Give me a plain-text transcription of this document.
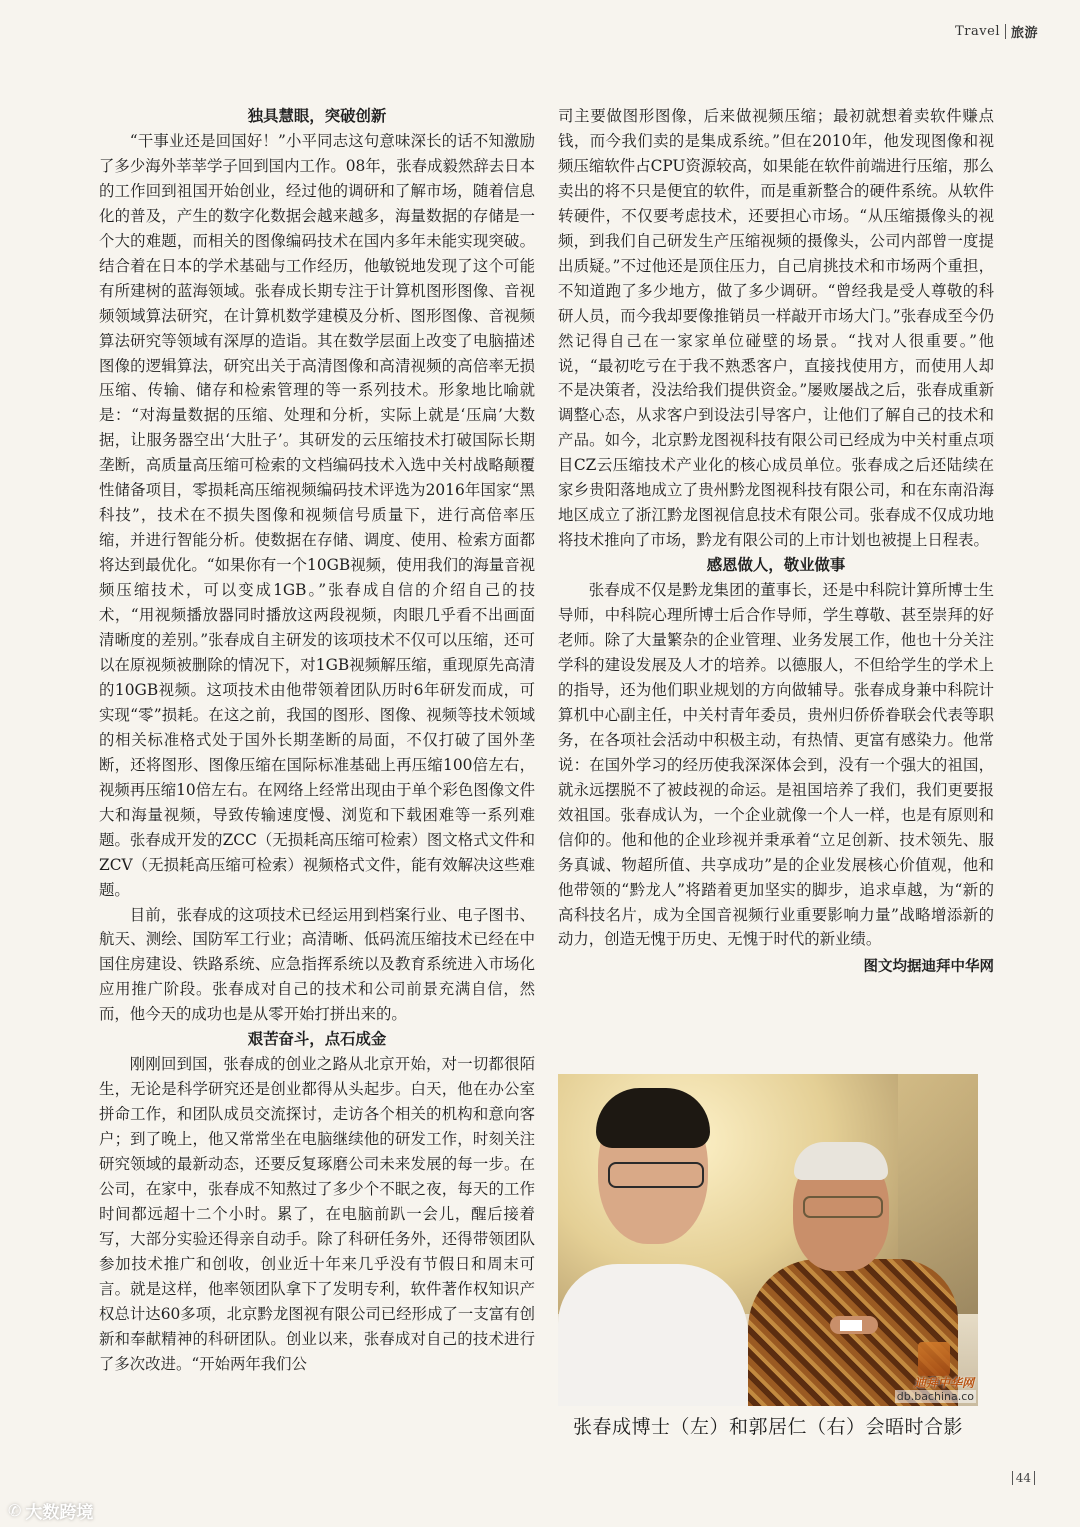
Travel 旅游
独具慧眼，突破创新

“干事业还是回国好！”小平同志这句意味深长的话不知激励了多少海外莘莘学子回到国内工作。08年，张春成毅然辞去日本的工作回到祖国开始创业，经过他的调研和了解市场，随着信息化的普及，产生的数字化数据会越来越多，海量数据的存储是一个大的难题，而相关的图像编码技术在国内多年未能实现突破。结合着在日本的学术基础与工作经历，他敏锐地发现了这个可能有所建树的蓝海领域。张春成长期专注于计算机图形图像、音视频领域算法研究，在计算机数学建模及分析、图形图像、音视频算法研究等领域有深厚的造诣。其在数学层面上改变了电脑描述图像的逻辑算法，研究出关于高清图像和高清视频的高倍率无损压缩、传输、储存和检索管理的等一系列技术。形象地比喻就是：“对海量数据的压缩、处理和分析，实际上就是‘压扁’大数据，让服务器空出‘大肚子’。其研发的云压缩技术打破国际长期垄断，高质量高压缩可检索的文档编码技术入选中关村战略颠覆性储备项目，零损耗高压缩视频编码技术评选为2016年国家“黑科技”，技术在不损失图像和视频信号质量下，进行高倍率压缩，并进行智能分析。使数据在存储、调度、使用、检索方面都将达到最优化。“如果你有一个10GB视频，使用我们的海量音视频压缩技术，可以变成1GB。”张春成自信的介绍自己的技术，“用视频播放器同时播放这两段视频，肉眼几乎看不出画面清晰度的差别。”张春成自主研发的该项技术不仅可以压缩，还可以在原视频被删除的情况下，对1GB视频解压缩，重现原先高清的10GB视频。这项技术由他带领着团队历时6年研发而成，可实现“零”损耗。在这之前，我国的图形、图像、视频等技术领域的相关标准格式处于国外长期垄断的局面，不仅打破了国外垄断，还将图形、图像压缩在国际标准基础上再压缩100倍左右，视频再压缩10倍左右。在网络上经常出现由于单个彩色图像文件大和海量视频，导致传输速度慢、浏览和下载困难等一系列难题。张春成开发的ZCC（无损耗高压缩可检索）图文格式文件和ZCV（无损耗高压缩可检索）视频格式文件，能有效解决这些难题。

目前，张春成的这项技术已经运用到档案行业、电子图书、航天、测绘、国防军工行业；高清晰、低码流压缩技术已经在中国住房建设、铁路系统、应急指挥系统以及教育系统进入市场化应用推广阶段。张春成对自己的技术和公司前景充满自信，然而，他今天的成功也是从零开始打拼出来的。

艰苦奋斗，点石成金

刚刚回到国，张春成的创业之路从北京开始，对一切都很陌生，无论是科学研究还是创业都得从头起步。白天，他在办公室拼命工作，和团队成员交流探讨，走访各个相关的机构和意向客户；到了晚上，他又常常坐在电脑继续他的研发工作，时刻关注研究领域的最新动态，还要反复琢磨公司未来发展的每一步。在公司，在家中，张春成不知熬过了多少个不眠之夜，每天的工作时间都远超十二个小时。累了，在电脑前趴一会儿，醒后接着写，大部分实验还得亲自动手。除了科研任务外，还得带领团队参加技术推广和创收，创业近十年来几乎没有节假日和周末可言。就是这样，他率领团队拿下了发明专利，软件著作权知识产权总计达60多项，北京黔龙图视有限公司已经形成了一支富有创新和奉献精神的科研团队。创业以来，张春成对自己的技术进行了多次改进。“开始两年我们公

司主要做图形图像，后来做视频压缩；最初就想着卖软件赚点钱，而今我们卖的是集成系统。”但在2010年，他发现图像和视频压缩软件占CPU资源较高，如果能在软件前端进行压缩，那么卖出的将不只是便宜的软件，而是重新整合的硬件系统。从软件转硬件，不仅要考虑技术，还要担心市场。“从压缩摄像头的视频，到我们自己研发生产压缩视频的摄像头，公司内部曾一度提出质疑。”不过他还是顶住压力，自己肩挑技术和市场两个重担，不知道跑了多少地方，做了多少调研。“曾经我是受人尊敬的科研人员，而今我却要像推销员一样敲开市场大门。”张春成至今仍然记得自己在一家家单位碰壁的场景。“找对人很重要。”他说，“最初吃亏在于我不熟悉客户，直接找使用方，而使用人却不是决策者，没法给我们提供资金。”屡败屡战之后，张春成重新调整心态，从求客户到设法引导客户，让他们了解自己的技术和产品。如今，北京黔龙图视科技有限公司已经成为中关村重点项目CZ云压缩技术产业化的核心成员单位。张春成之后还陆续在家乡贵阳落地成立了贵州黔龙图视科技有限公司，和在东南沿海地区成立了浙江黔龙图视信息技术有限公司。张春成不仅成功地将技术推向了市场，黔龙有限公司的上市计划也被提上日程表。

感恩做人，敬业做事

张春成不仅是黔龙集团的董事长，还是中科院计算所博士生导师，中科院心理所博士后合作导师，学生尊敬、甚至崇拜的好老师。除了大量繁杂的企业管理、业务发展工作，他也十分关注学科的建设发展及人才的培养。以德服人，不但给学生的学术上的指导，还为他们职业规划的方向做辅导。张春成身兼中科院计算机中心副主任，中关村青年委员，贵州归侨侨眷联会代表等职务，在各项社会活动中积极主动，有热情、更富有感染力。他常说：在国外学习的经历使我深深体会到，没有一个强大的祖国，就永远摆脱不了被歧视的命运。是祖国培养了我们，我们更要报效祖国。张春成认为，一个企业就像一个人一样，也是有原则和信仰的。他和他的企业珍视并秉承着“立足创新、技术领先、服务真诚、物超所值、共享成功”是的企业发展核心价值观，他和他带领的“黔龙人”将踏着更加坚实的脚步，追求卓越，为“新的高科技名片，成为全国音视频行业重要影响力量”战略增添新的动力，创造无愧于历史、无愧于时代的新业绩。

图文均据迪拜中华网
迪拜中华网
db.bachina.co
张春成博士（左）和郭居仁（右）会晤时合影
44
✆ 大数跨境
